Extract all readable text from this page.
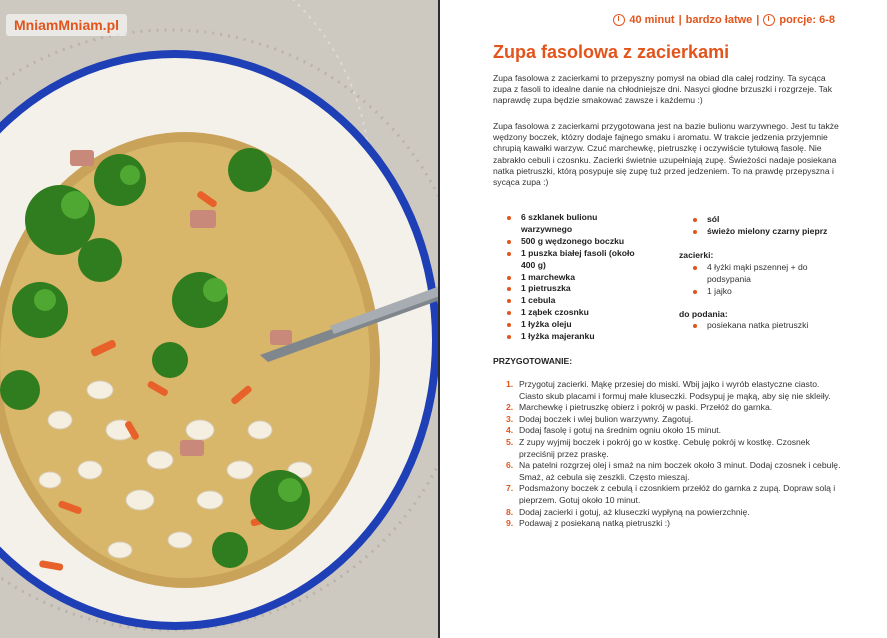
MniamMniam.pl	40 minut | bardzo łatwe | porcje: 6-8
Zupa fasolowa z zacierkami

Zupa fasolowa z zacierkami to przepyszny pomysł na obiad dla całej rodziny. Ta sycąca zupa z fasoli to idealne danie na chłodniejsze dni. Nasyci głodne brzuszki i rozgrzeje. Tak naprawdę zupa będzie smakować zawsze i każdemu :)

Zupa fasolowa z zacierkami przygotowana jest na bazie bulionu warzywnego. Jest tu także wędzony boczek, któzry dodaje fajnego smaku i aromatu. W trakcie jedzenia przyjemnie chrupią kawałki warzyw. Czuć marchewkę, pietruszkę i oczywiście tytułową fasolę. Nie zabrakło cebuli i czosnku. Zacierki świetnie uzupełniają zupę. Świeżości nadaje posiekana natka pietruszki, którą posypuje się zupę tuż przed jedzeniem. To na prawdę przepyszna i sycąca zupa :)

6 szklanek bulionu warzywnego
500 g wędzonego boczku
1 puszka białej fasoli (około 400 g)
1 marchewka
1 pietruszka
1 cebula
1 ząbek czosnku
1 łyżka oleju
1 łyżka majeranku
sól
świeżo mielony czarny pieprz

zacierki:

4 łyżki mąki pszennej + do podsypania
1 jajko

do podania:

posiekana natka pietruszki

PRZYGOTOWANIE:

1. Przygotuj zacierki. Mąkę przesiej do miski. Wbij jajko i wyrób elastyczne ciasto. Ciasto skub placami i formuj małe kluseczki. Podsypuj je mąką, aby się nie skleiły.
2. Marchewkę i pietruszkę obierz i pokrój w paski. Przełóż do garnka.
3. Dodaj boczek i wlej bulion warzywny. Zagotuj.
4. Dodaj fasolę i gotuj na średnim ogniu około 15 minut.
5. Z zupy wyjmij boczek i pokrój go w kostkę. Cebulę pokrój w kostkę. Czosnek przeciśnij przez praskę.
6. Na patelni rozgrzej olej i smaż na nim boczek około 3 minut. Dodaj czosnek i cebulę. Smaż, aż cebula się zeszkli. Często mieszaj.
7. Podsmażony boczek z cebulą i czosnkiem przełóż do garnka z zupą. Dopraw solą i pieprzem. Gotuj około 10 minut.
8. Dodaj zacierki i gotuj, aż kluseczki wypłyną na powierzchnię.
9. Podawaj z posiekaną natką pietruszki :)
